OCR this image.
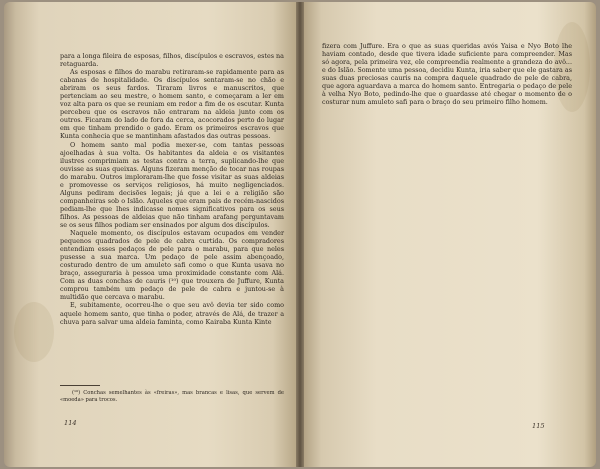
para a longa fileira de esposas, filhos, discípulos e escravos, estes na retaguarda.

As esposas e filhos do marabu retiraram-se rapidamente para as cabanas de hospitalidade. Os discípulos sentaram-se no chão e abriram os seus fardos. Tiraram livros e manuscritos, que pertenciam ao seu mestre, o homem santo, e começaram a ler em voz alta para os que se reuniam em redor a fim de os escutar. Kunta percebeu que os escravos não entraram na aldeia junto com os outros. Ficaram do lado de fora da cerca, acocorados perto do lugar em que tinham prendido o gado. Eram os primeiros escravos que Kunta conhecia que se mantinham afastados das outras pessoas.

O homem santo mal podia mexer-se, com tantas pessoas ajoelhadas à sua volta. Os habitantes da aldeia e os visitantes ilustres comprimiam as testas contra a terra, suplicando-lhe que ouvisse as suas queixas. Alguns fizeram menção de tocar nas roupas do marabu. Outros imploraram-lhe que fosse visitar as suas aldeias e promovesse os serviços religiosos, há muito negligenciados. Alguns pediram decisões legais; já que a lei e a religião são companheiras sob o Islão. Aqueles que eram pais de recém-nascidos pediam-lhe que lhes indicasse nomes significativos para os seus filhos. As pessoas de aldeias que não tinham arafang perguntavam se os seus filhos podiam ser ensinados por algum dos discípulos.

Naquele momento, os discípulos estavam ocupados em vender pequenos quadrados de pele de cabra curtida. Os compradores entendiam esses pedaços de pele para o marabu, para que neles pusesse a sua marca. Um pedaço de pele assim abençoado, costurado dentro de um amuleto safi como o que Kunta usava no braço, asseguraria à pessoa uma proximidade constante com Alá. Com as duas conchas de cauris (¹⁰) que trouxera de Juffure, Kunta comprou também um pedaço de pele de cabra e juntou-se à multidão que cercava o marabu.

E, subitamente, ocorreu-lhe o que seu avô devia ter sido como aquele homem santo, que tinha o poder, através de Alá, de trazer a chuva para salvar uma aldeia faminta, como Kairaba Kunta Kinte

(¹⁰) Conchas semelhantes às «freiras», mas brancas e lisas, que servem de «moeda» para trocos.

114

fizera com Juffure. Era o que as suas queridas avós Yaisa e Nyo Boto lhe haviam contado, desde que tivera idade suficiente para compreender. Mas só agora, pela primeira vez, ele compreendia realmente a grandeza do avô... e do Islão. Somente uma pessoa, decidiu Kunta, iria saber que ele gastara as suas duas preciosas cauris na compra daquele quadrado de pele de cabra, que agora aguardava a marca do homem santo. Entregaria o pedaço de pele à velha Nyo Boto, pedindo-lhe que o guardasse até chegar o momento de o costurar num amuleto safi para o braço do seu primeiro filho homem.

115
